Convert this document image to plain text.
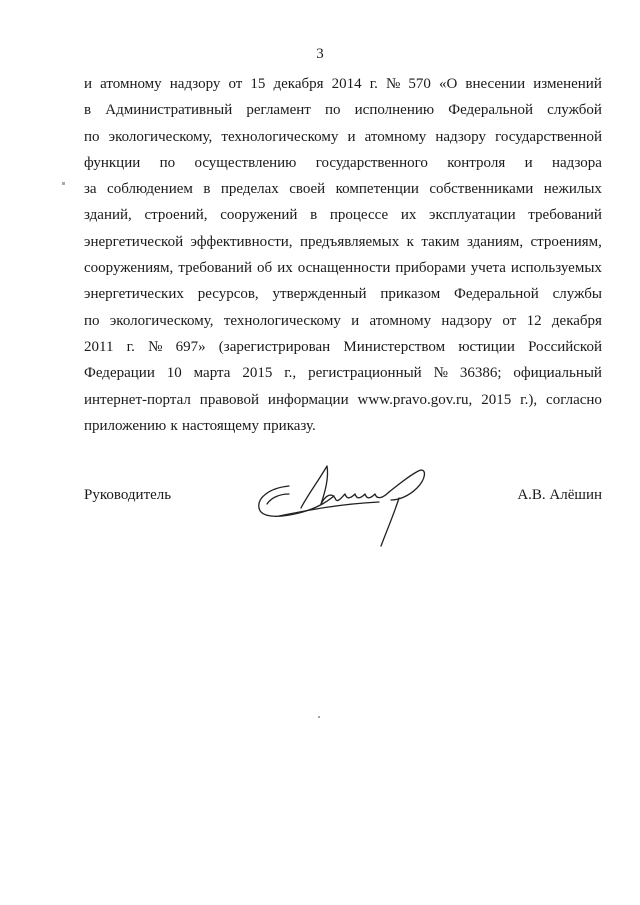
3
и атомному надзору от 15 декабря 2014 г. № 570 «О внесении изменений
в Административный регламент по исполнению Федеральной службой
по экологическому, технологическому и атомному надзору государственной
функции по осуществлению государственного контроля и надзора
за соблюдением в пределах своей компетенции собственниками нежилых
зданий, строений, сооружений в процессе их эксплуатации требований
энергетической эффективности, предъявляемых к таким зданиям, строениям,
сооружениям, требований об их оснащенности приборами учета используемых
энергетических ресурсов, утвержденный приказом Федеральной службы
по экологическому, технологическому и атомному надзору от 12 декабря
2011 г. № 697» (зарегистрирован Министерством юстиции Российской
Федерации 10 марта 2015 г., регистрационный № 36386; официальный
интернет-портал правовой информации www.pravo.gov.ru, 2015 г.), согласно
приложению к настоящему приказу.
Руководитель	А.В. Алёшин
